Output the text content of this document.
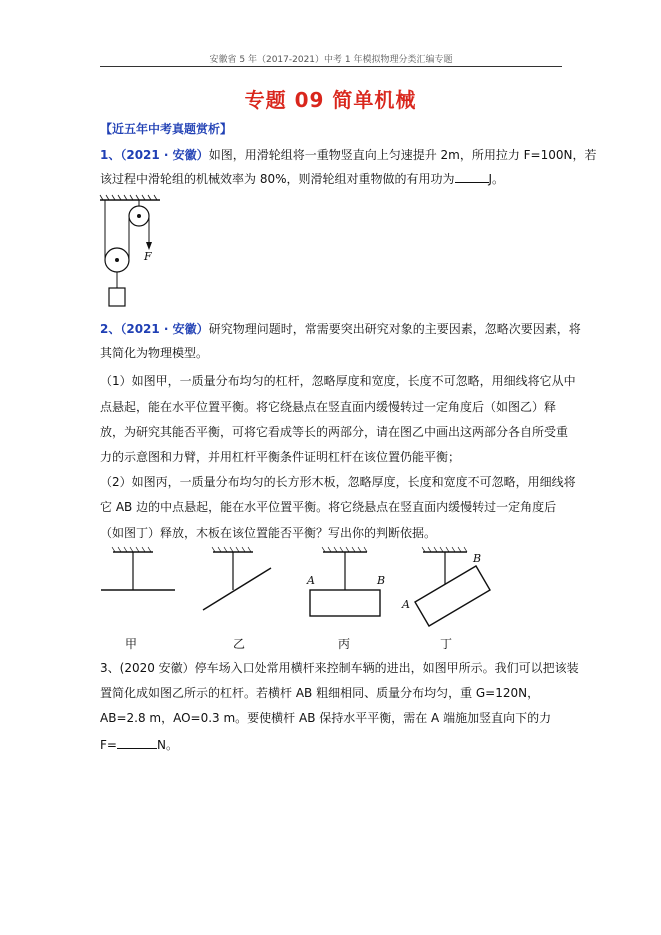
安徽省 5 年（2017-2021）中考 1 年模拟物理分类汇编专题
专题 09 简单机械
【近五年中考真题赏析】
1、（2021 · 安徽）如图，用滑轮组将一重物竖直向上匀速提升 2m，所用拉力 F=100N，若
该过程中滑轮组的机械效率为 80%，则滑轮组对重物做的有用功为	J。
F
2、（2021 · 安徽）研究物理问题时，常需要突出研究对象的主要因素，忽略次要因素，将
其简化为物理模型。
（1）如图甲，一质量分布均匀的杠杆，忽略厚度和宽度，长度不可忽略，用细线将它从中
点悬起，能在水平位置平衡。将它绕悬点在竖直面内缓慢转过一定角度后（如图乙）释
放，为研究其能否平衡，可将它看成等长的两部分，请在图乙中画出这两部分各自所受重
力的示意图和力臂，并用杠杆平衡条件证明杠杆在该位置仍能平衡；
（2）如图丙，一质量分布均匀的长方形木板，忽略厚度，长度和宽度不可忽略，用细线将
它 AB 边的中点悬起，能在水平位置平衡。将它绕悬点在竖直面内缓慢转过一定角度后
（如图丁）释放，木板在该位置能否平衡？写出你的判断依据。
甲	乙
A	B
丙
A
B
丁
3、(2020 安徽）停车场入口处常用横杆来控制车辆的进出，如图甲所示。我们可以把该装
置简化成如图乙所示的杠杆。若横杆 AB 粗细相同、质量分布均匀，重 G=120N，
AB=2.8 m，AO=0.3 m。要使横杆 AB 保持水平平衡，需在 A 端施加竖直向下的力
F=	N。
